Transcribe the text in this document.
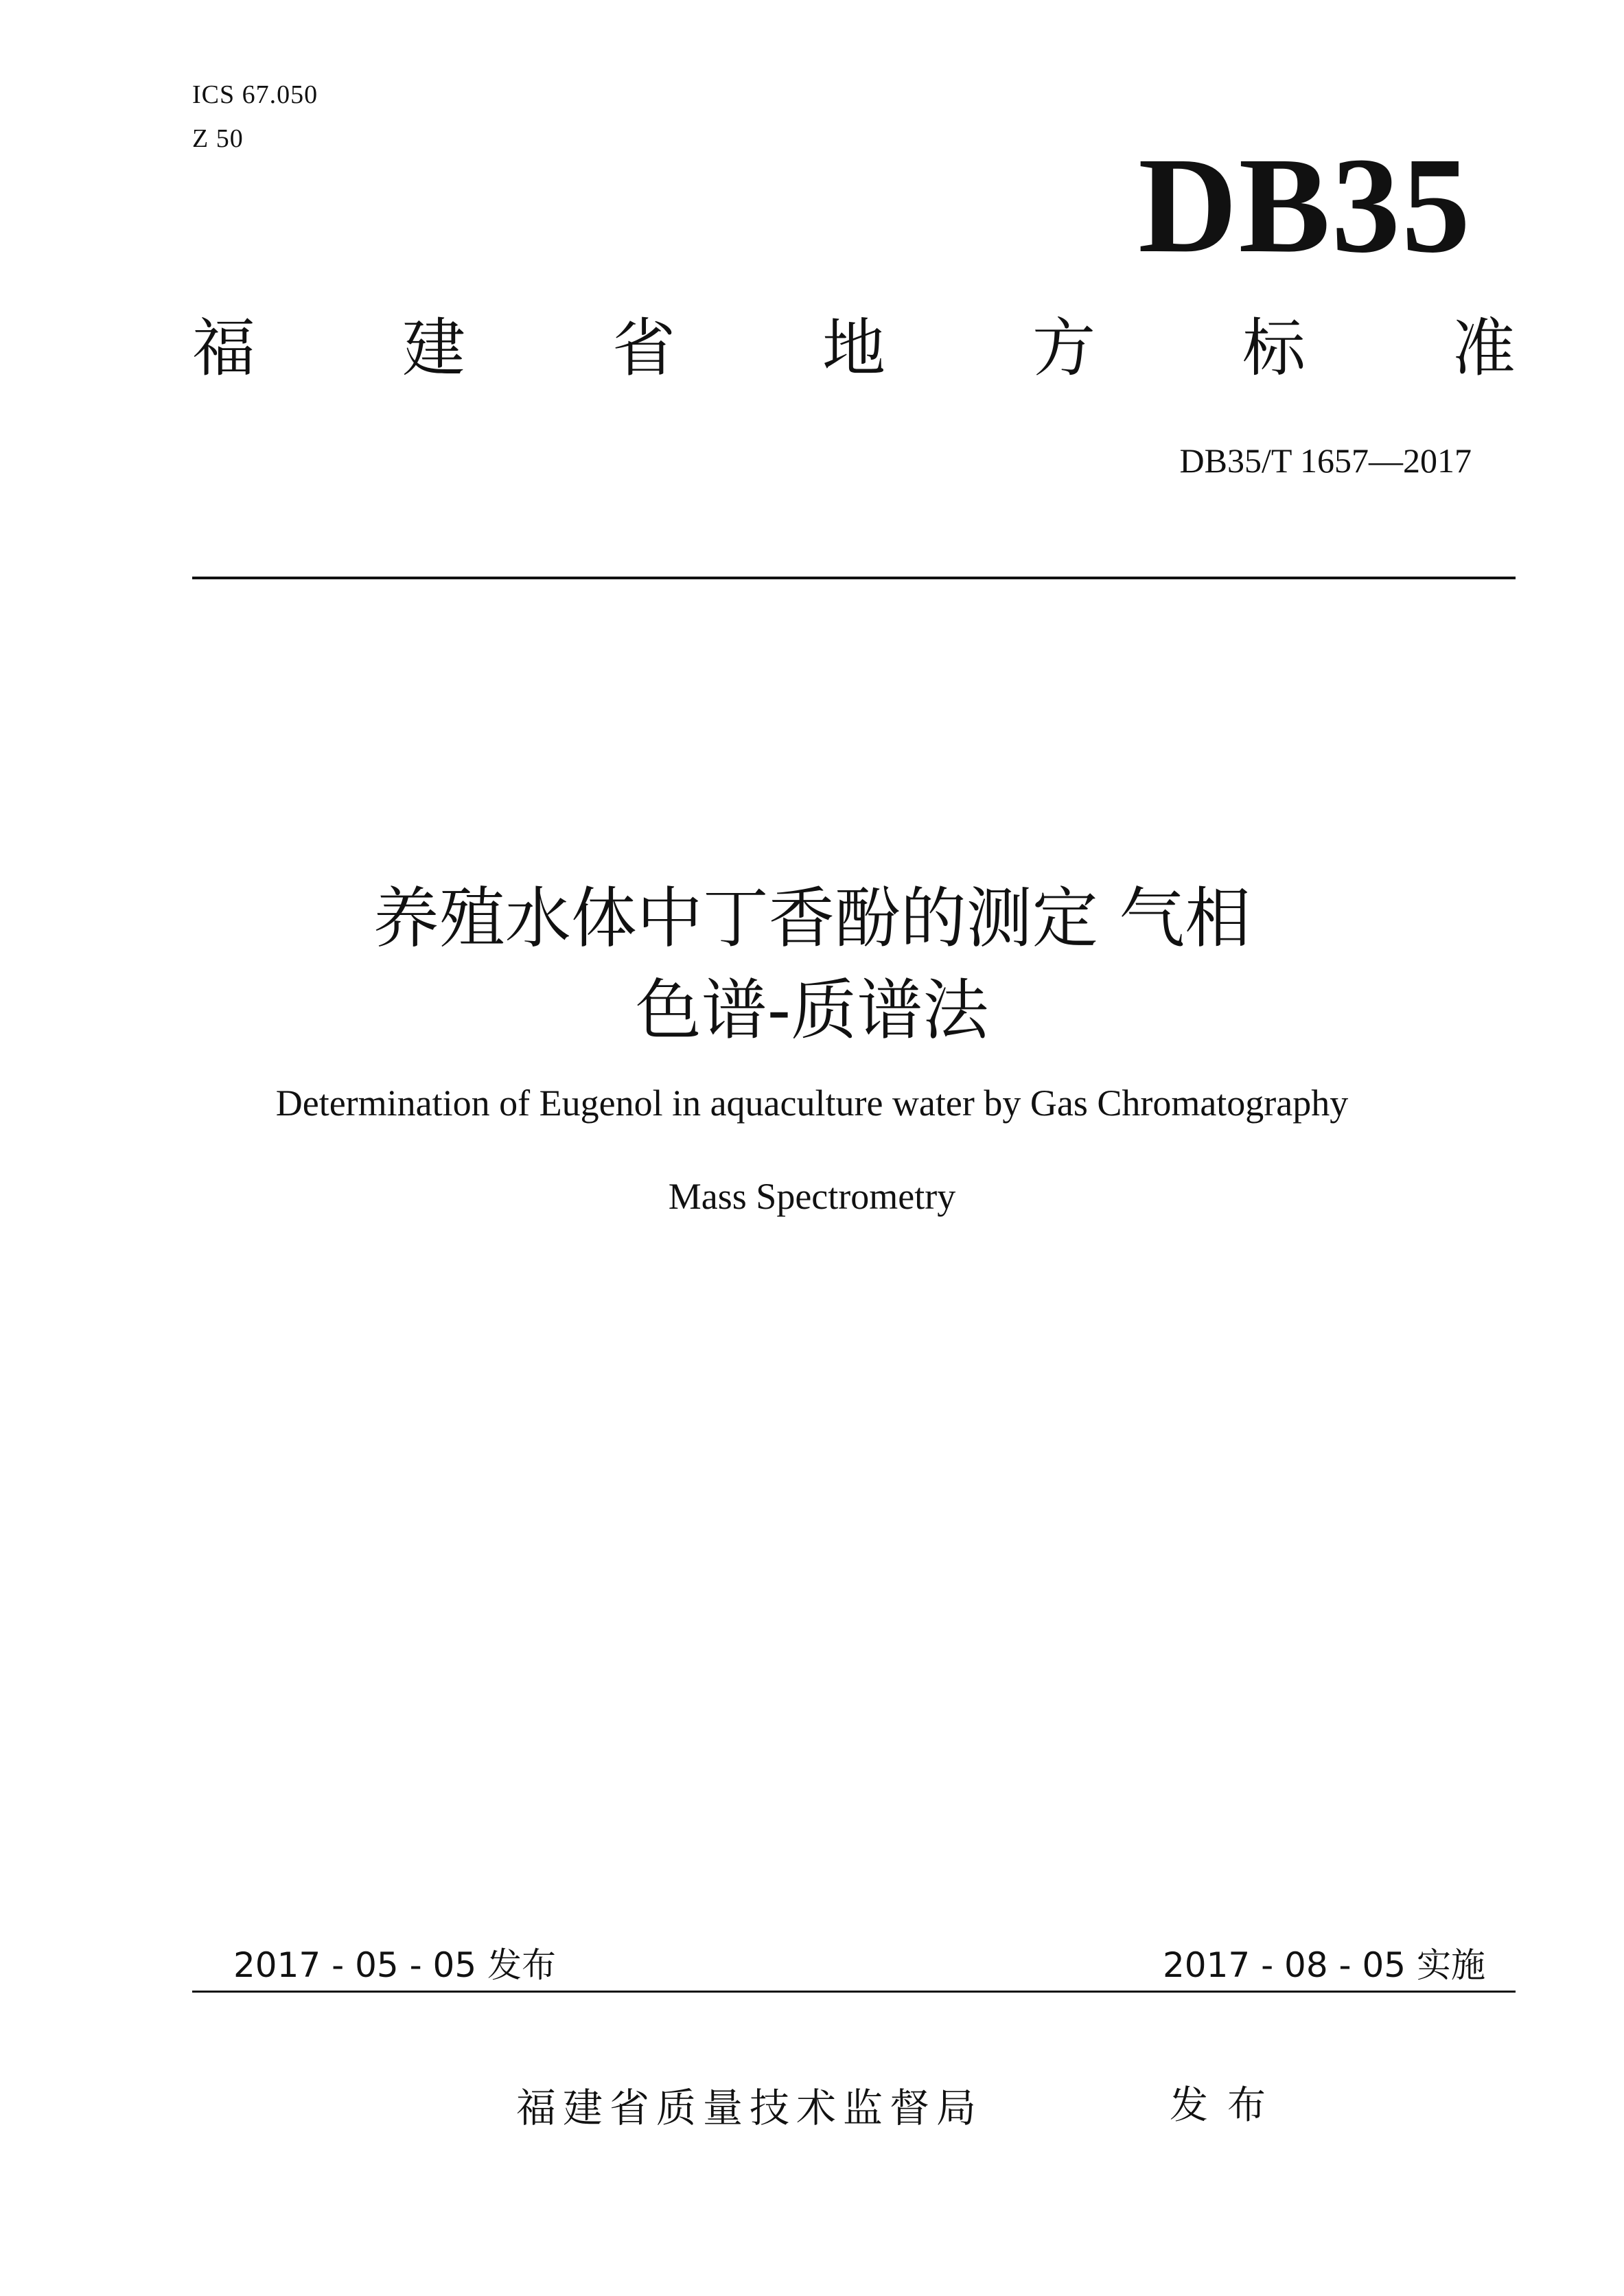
ICS 67.050
Z 50	DB35
福 建 省 地 方 标 准
DB35/T 1657—2017
养殖水体中丁香酚的测定 气相
色谱-质谱法
Determination of Eugenol in aquaculture water by Gas Chromatography
Mass Spectrometry
2017 - 05 - 05 发布	2017 - 08 - 05 实施
福建省质量技术监督局	发布
